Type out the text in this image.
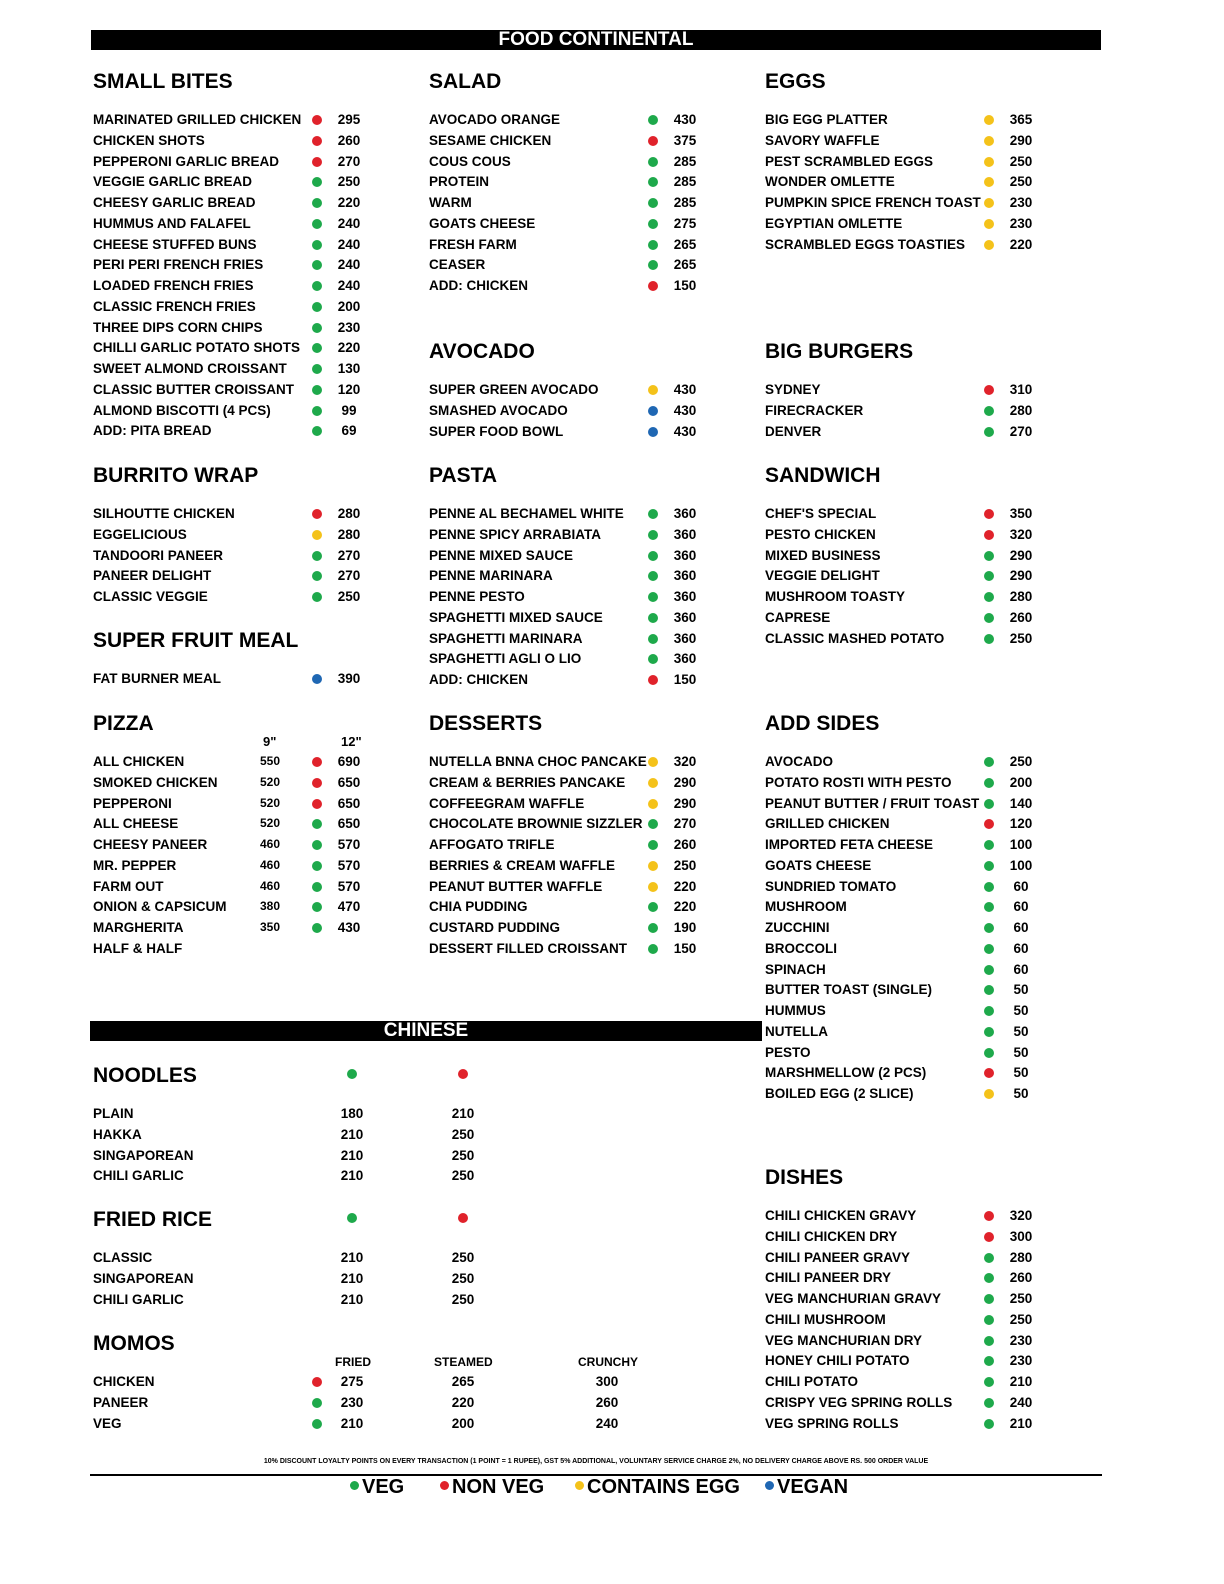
FOOD CONTINENTAL
CHINESE
SMALL BITES
MARINATED GRILLED CHICKEN	295
CHICKEN SHOTS	260
PEPPERONI GARLIC BREAD	270
VEGGIE GARLIC BREAD	250
CHEESY GARLIC BREAD	220
HUMMUS AND FALAFEL	240
CHEESE STUFFED BUNS	240
PERI PERI FRENCH FRIES	240
LOADED FRENCH FRIES	240
CLASSIC FRENCH FRIES	200
THREE DIPS CORN CHIPS	230
CHILLI GARLIC POTATO SHOTS	220
SWEET ALMOND CROISSANT	130
CLASSIC BUTTER CROISSANT	120
ALMOND BISCOTTI (4 PCS)	99
ADD: PITA BREAD	69
SALAD
AVOCADO ORANGE	430
SESAME CHICKEN	375
COUS COUS	285
PROTEIN	285
WARM	285
GOATS CHEESE	275
FRESH FARM	265
CEASER	265
ADD: CHICKEN	150
EGGS
BIG EGG PLATTER	365
SAVORY WAFFLE	290
PEST SCRAMBLED EGGS	250
WONDER OMLETTE	250
PUMPKIN SPICE FRENCH TOAST	230
EGYPTIAN OMLETTE	230
SCRAMBLED EGGS TOASTIES	220
AVOCADO
SUPER GREEN AVOCADO	430
SMASHED AVOCADO	430
SUPER FOOD BOWL	430
BIG BURGERS
SYDNEY	310
FIRECRACKER	280
DENVER	270
BURRITO WRAP
SILHOUTTE CHICKEN	280
EGGELICIOUS	280
TANDOORI PANEER	270
PANEER DELIGHT	270
CLASSIC VEGGIE	250
PASTA
PENNE AL BECHAMEL WHITE	360
PENNE SPICY ARRABIATA	360
PENNE MIXED SAUCE	360
PENNE MARINARA	360
PENNE PESTO	360
SPAGHETTI MIXED SAUCE	360
SPAGHETTI MARINARA	360
SPAGHETTI AGLI O LIO	360
ADD: CHICKEN	150
SANDWICH
CHEF'S SPECIAL	350
PESTO CHICKEN	320
MIXED BUSINESS	290
VEGGIE DELIGHT	290
MUSHROOM TOASTY	280
CAPRESE	260
CLASSIC MASHED POTATO	250
SUPER FRUIT MEAL
FAT BURNER MEAL	390
DESSERTS
NUTELLA BNNA CHOC PANCAKE	320
CREAM & BERRIES PANCAKE	290
COFFEEGRAM WAFFLE	290
CHOCOLATE BROWNIE SIZZLER	270
AFFOGATO TRIFLE	260
BERRIES & CREAM WAFFLE	250
PEANUT BUTTER WAFFLE	220
CHIA PUDDING	220
CUSTARD PUDDING	190
DESSERT FILLED CROISSANT	150
ADD SIDES
AVOCADO	250
POTATO ROSTI WITH PESTO	200
PEANUT BUTTER / FRUIT TOAST	140
GRILLED CHICKEN	120
IMPORTED FETA CHEESE	100
GOATS CHEESE	100
SUNDRIED TOMATO	60
MUSHROOM	60
ZUCCHINI	60
BROCCOLI	60
SPINACH	60
BUTTER TOAST (SINGLE)	50
HUMMUS	50
NUTELLA	50
PESTO	50
MARSHMELLOW (2 PCS)	50
BOILED EGG (2 SLICE)	50
DISHES
CHILI CHICKEN GRAVY	320
CHILI CHICKEN DRY	300
CHILI PANEER GRAVY	280
CHILI PANEER DRY	260
VEG MANCHURIAN GRAVY	250
CHILI MUSHROOM	250
VEG MANCHURIAN DRY	230
HONEY CHILI POTATO	230
CHILI POTATO	210
CRISPY VEG SPRING ROLLS	240
VEG SPRING ROLLS	210
PIZZA
9"	12"
ALL CHICKEN	550	690
SMOKED CHICKEN	520	650
PEPPERONI	520	650
ALL CHEESE	520	650
CHEESY PANEER	460	570
MR. PEPPER	460	570
FARM OUT	460	570
ONION & CAPSICUM	380	470
MARGHERITA	350	430
HALF & HALF
NOODLES
PLAIN	180	210
HAKKA	210	250
SINGAPOREAN	210	250
CHILI GARLIC	210	250
FRIED RICE
CLASSIC	210	250
SINGAPOREAN	210	250
CHILI GARLIC	210	250
MOMOS
FRIED	STEAMED	CRUNCHY
CHICKEN	275	265	300
PANEER	230	220	260
VEG	210	200	240
10% DISCOUNT LOYALTY POINTS ON EVERY TRANSACTION (1 POINT = 1 RUPEE), GST 5% ADDITIONAL, VOLUNTARY SERVICE CHARGE 2%, NO DELIVERY CHARGE ABOVE RS. 500 ORDER VALUE
VEG	NON VEG	CONTAINS EGG	VEGAN
